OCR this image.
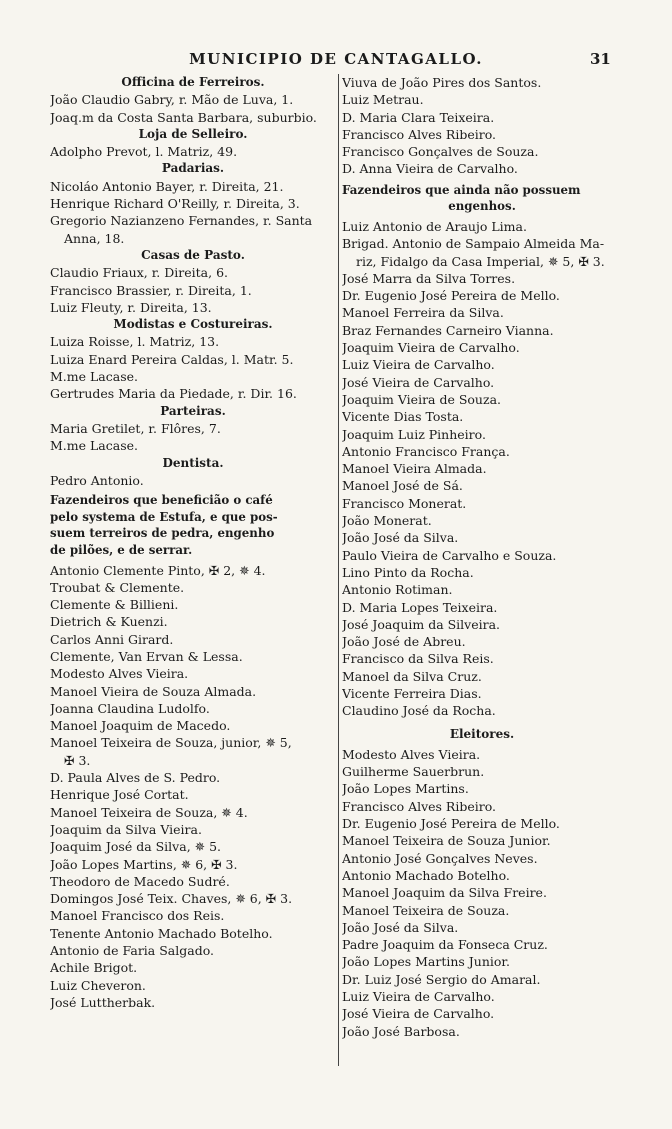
MUNICIPIO DE CANTAGALLO.	31
Officina de Ferreiros.
João Claudio Gabry, r. Mão de Luva, 1.
Joaq.m da Costa Santa Barbara, suburbio.
Loja de Selleiro.
Adolpho Prevot, l. Matriz, 49.
Padarias.
Nicoláo Antonio Bayer, r. Direita, 21.
Henrique Richard O'Reilly, r. Direita, 3.
Gregorio Nazianzeno Fernandes, r. Santa
Anna, 18.
Casas de Pasto.
Claudio Friaux, r. Direita, 6.
Francisco Brassier, r. Direita, 1.
Luiz Fleuty, r. Direita, 13.
Modistas e Costureiras.
Luiza Roisse, l. Matriz, 13.
Luiza Enard Pereira Caldas, l. Matr. 5.
M.me Lacase.
Gertrudes Maria da Piedade, r. Dir. 16.
Parteiras.
Maria Gretilet, r. Flôres, 7.
M.me Lacase.
Dentista.
Pedro Antonio.
Fazendeiros que beneficião o café
pelo systema de Estufa, e que pos-
suem terreiros de pedra, engenho
de pilões, e de serrar.
Antonio Clemente Pinto, ✠ 2, ✵ 4.
Troubat & Clemente.
Clemente & Billieni.
Dietrich & Kuenzi.
Carlos Anni Girard.
Clemente, Van Ervan & Lessa.
Modesto Alves Vieira.
Manoel Vieira de Souza Almada.
Joanna Claudina Ludolfo.
Manoel Joaquim de Macedo.
Manoel Teixeira de Souza, junior, ✵ 5,
✠ 3.
D. Paula Alves de S. Pedro.
Henrique José Cortat.
Manoel Teixeira de Souza, ✵ 4.
Joaquim da Silva Vieira.
Joaquim José da Silva, ✵ 5.
João Lopes Martins, ✵ 6, ✠ 3.
Theodoro de Macedo Sudré.
Domingos José Teix. Chaves, ✵ 6, ✠ 3.
Manoel Francisco dos Reis.
Tenente Antonio Machado Botelho.
Antonio de Faria Salgado.
Achile Brigot.
Luiz Cheveron.
José Luttherbak.
Viuva de João Pires dos Santos.
Luiz Metrau.
D. Maria Clara Teixeira.
Francisco Alves Ribeiro.
Francisco Gonçalves de Souza.
D. Anna Vieira de Carvalho.
Fazendeiros que ainda não possuem
engenhos.
Luiz Antonio de Araujo Lima.
Brigad. Antonio de Sampaio Almeida Ma-
riz, Fidalgo da Casa Imperial, ✵ 5, ✠ 3.
José Marra da Silva Torres.
Dr. Eugenio José Pereira de Mello.
Manoel Ferreira da Silva.
Braz Fernandes Carneiro Vianna.
Joaquim Vieira de Carvalho.
Luiz Vieira de Carvalho.
José Vieira de Carvalho.
Joaquim Vieira de Souza.
Vicente Dias Tosta.
Joaquim Luiz Pinheiro.
Antonio Francisco França.
Manoel Vieira Almada.
Manoel José de Sá.
Francisco Monerat.
João Monerat.
João José da Silva.
Paulo Vieira de Carvalho e Souza.
Lino Pinto da Rocha.
Antonio Rotiman.
D. Maria Lopes Teixeira.
José Joaquim da Silveira.
João José de Abreu.
Francisco da Silva Reis.
Manoel da Silva Cruz.
Vicente Ferreira Dias.
Claudino José da Rocha.
Eleitores.
Modesto Alves Vieira.
Guilherme Sauerbrun.
João Lopes Martins.
Francisco Alves Ribeiro.
Dr. Eugenio José Pereira de Mello.
Manoel Teixeira de Souza Junior.
Antonio José Gonçalves Neves.
Antonio Machado Botelho.
Manoel Joaquim da Silva Freire.
Manoel Teixeira de Souza.
João José da Silva.
Padre Joaquim da Fonseca Cruz.
João Lopes Martins Junior.
Dr. Luiz José Sergio do Amaral.
Luiz Vieira de Carvalho.
José Vieira de Carvalho.
João José Barbosa.
